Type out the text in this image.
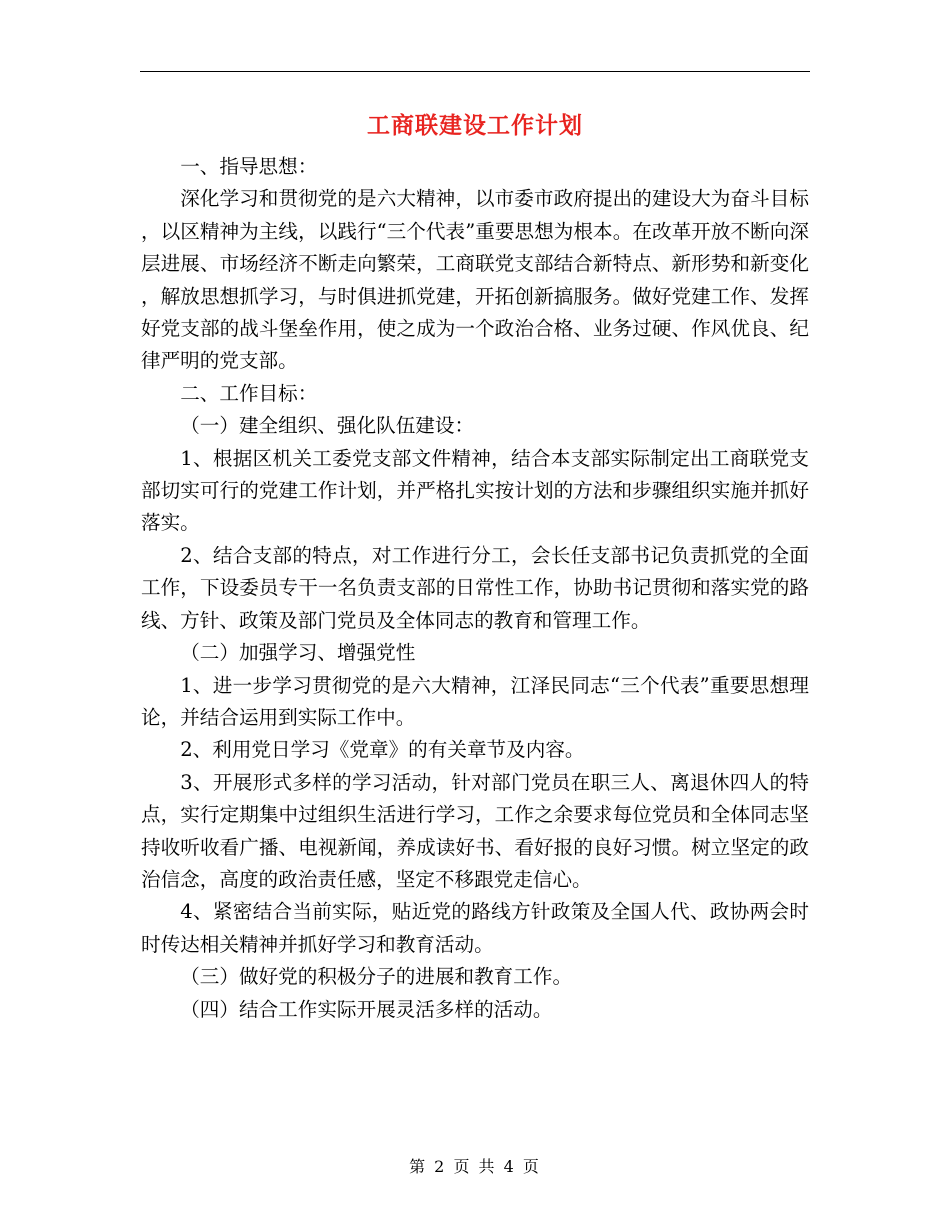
工商联建设工作计划

一、指导思想：

深化学习和贯彻党的是六大精神，以市委市政府提出的建设大为奋斗目标，以区精神为主线，以践行“三个代表”重要思想为根本。在改革开放不断向深层进展、市场经济不断走向繁荣，工商联党支部结合新特点、新形势和新变化，解放思想抓学习，与时俱进抓党建，开拓创新搞服务。做好党建工作、发挥好党支部的战斗堡垒作用，使之成为一个政治合格、业务过硬、作风优良、纪律严明的党支部。

二、工作目标：

（一）建全组织、强化队伍建设：

1、根据区机关工委党支部文件精神，结合本支部实际制定出工商联党支部切实可行的党建工作计划，并严格扎实按计划的方法和步骤组织实施并抓好落实。

2、结合支部的特点，对工作进行分工，会长任支部书记负责抓党的全面工作，下设委员专干一名负责支部的日常性工作，协助书记贯彻和落实党的路线、方针、政策及部门党员及全体同志的教育和管理工作。

（二）加强学习、增强党性

1、进一步学习贯彻党的是六大精神，江泽民同志“三个代表”重要思想理论，并结合运用到实际工作中。

2、利用党日学习《党章》的有关章节及内容。

3、开展形式多样的学习活动，针对部门党员在职三人、离退休四人的特点，实行定期集中过组织生活进行学习，工作之余要求每位党员和全体同志坚持收听收看广播、电视新闻，养成读好书、看好报的良好习惯。树立坚定的政治信念，高度的政治责任感，坚定不移跟党走信心。

4、紧密结合当前实际，贴近党的路线方针政策及全国人代、政协两会时时传达相关精神并抓好学习和教育活动。

（三）做好党的积极分子的进展和教育工作。

（四）结合工作实际开展灵活多样的活动。

第 2 页 共 4 页
